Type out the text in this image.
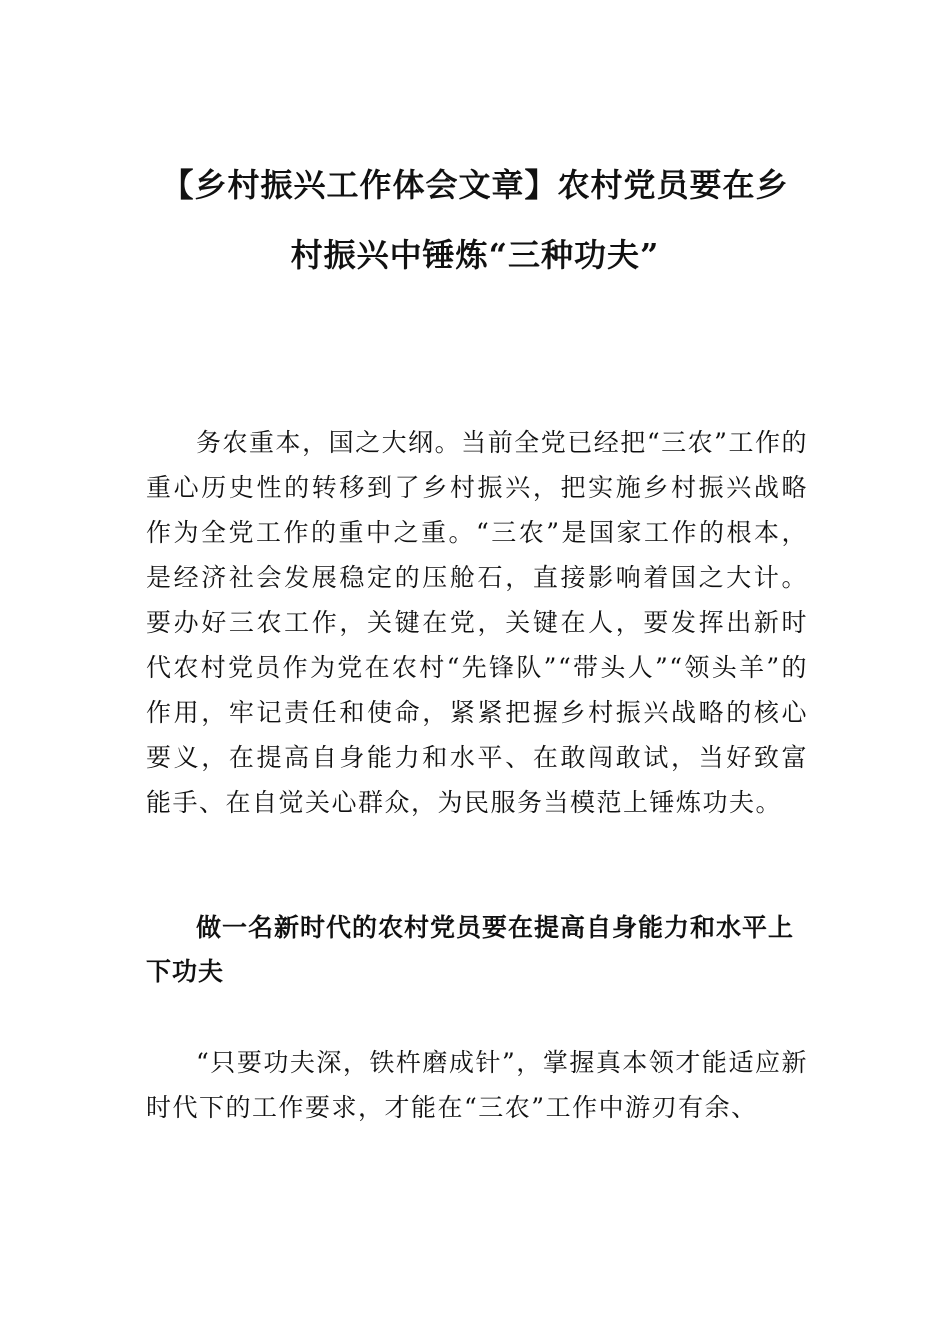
【乡村振兴工作体会文章】农村党员要在乡
村振兴中锤炼“三种功夫”

务农重本，国之大纲。当前全党已经把“三农”工作的重心历史性的转移到了乡村振兴，把实施乡村振兴战略作为全党工作的重中之重。“三农”是国家工作的根本，是经济社会发展稳定的压舱石，直接影响着国之大计。要办好三农工作，关键在党，关键在人，要发挥出新时代农村党员作为党在农村“先锋队”“带头人”“领头羊”的作用，牢记责任和使命，紧紧把握乡村振兴战略的核心要义，在提高自身能力和水平、在敢闯敢试，当好致富能手、在自觉关心群众，为民服务当模范上锤炼功夫。

做一名新时代的农村党员要在提高自身能力和水平上下功夫

“只要功夫深，铁杵磨成针”，掌握真本领才能适应新时代下的工作要求，才能在“三农”工作中游刃有余、
